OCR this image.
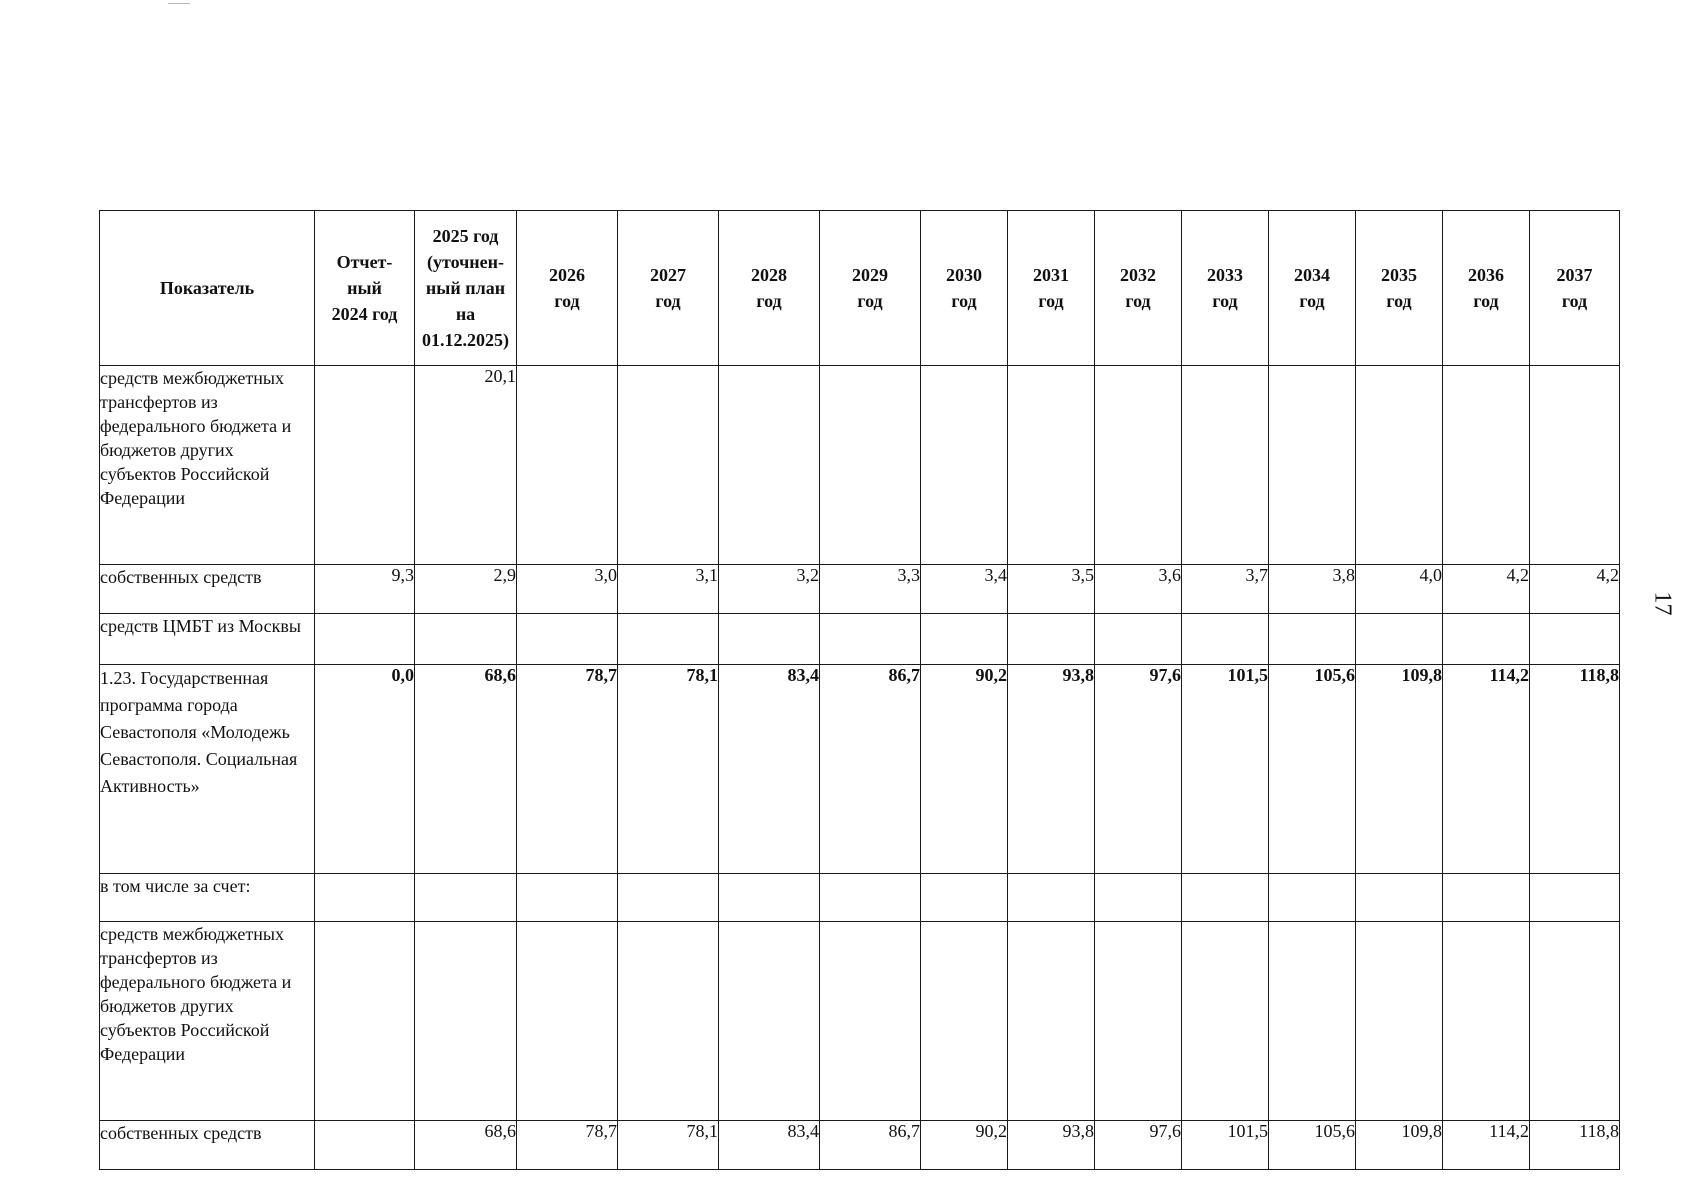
Показатель	Отчет-
ный
2024 год	2025 год
(уточнен-
ный план
на
01.12.2025)	2026
год	2027
год	2028
год	2029
год	2030
год	2031
год	2032
год	2033
год	2034
год	2035
год	2036
год	2037
год

средств межбюджетных трансфертов из федерального бюджета и бюджетов других субъектов Российской Федерации		20,1												
собственных средств	9,3	2,9	3,0	3,1	3,2	3,3	3,4	3,5	3,6	3,7	3,8	4,0	4,2	4,2
средств ЦМБТ из Москвы														
1.23. Государственная программа города Севастополя «Молодежь Севастополя. Социальная Активность»	0,0	68,6	78,7	78,1	83,4	86,7	90,2	93,8	97,6	101,5	105,6	109,8	114,2	118,8
в том числе за счет:														
средств межбюджетных трансфертов из федерального бюджета и бюджетов других субъектов Российской Федерации														
собственных средств		68,6	78,7	78,1	83,4	86,7	90,2	93,8	97,6	101,5	105,6	109,8	114,2	118,8
17
